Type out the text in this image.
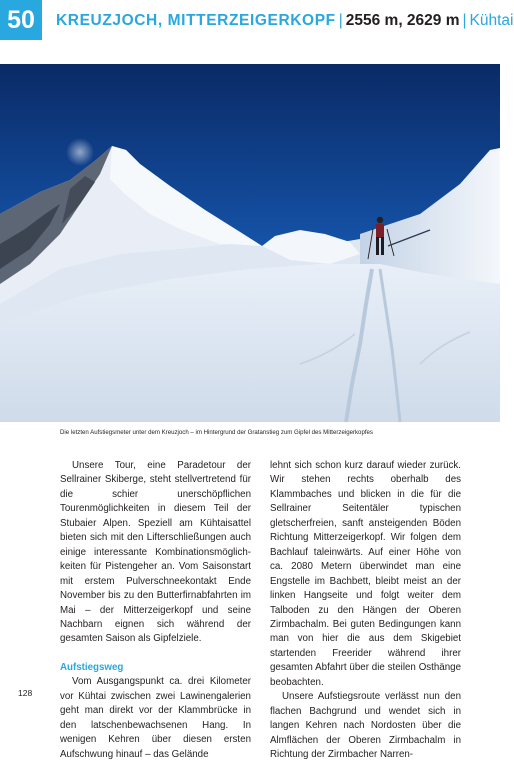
50	KREUZJOCH, MITTERZEIGERKOPF | 2556 m, 2629 m | Kühtai
Die letzten Aufstiegsmeter unter dem Kreuzjoch – im Hintergrund der Gratanstieg zum Gipfel des Mitterzeigerkopfes

Unsere Tour, eine Paradetour der Sellrainer Skiberge, steht stellvertretend für die schier unerschöpflichen Tourenmöglichkeiten in diesem Teil der Stubaier Alpen. Speziell am Kühtaisattel bieten sich mit den Lifterschließungen auch einige interessante Kombinationsmöglichkeiten für Pistengeher an. Vom Saisonstart mit erstem Pulverschneekontakt Ende November bis zu den Butterfirnabfahrten im Mai – der Mitterzeigerkopf und seine Nachbarn eignen sich während der gesamten Saison als Gipfelziele.

Aufstiegsweg

Vom Ausgangspunkt ca. drei Kilometer vor Kühtai zwischen zwei Lawinengalerien geht man direkt vor der Klammbrücke in den latschenbewachsenen Hang. In wenigen Kehren über diesen ersten Aufschwung hinauf – das Gelände

lehnt sich schon kurz darauf wieder zurück. Wir stehen rechts oberhalb des Klammbaches und blicken in die für die Sellrainer Seitentäler typischen gletscherfreien, sanft ansteigenden Böden Richtung Mitterzeigerkopf. Wir folgen dem Bachlauf taleinwärts. Auf einer Höhe von ca. 2080 Metern überwindet man eine Engstelle im Bachbett, bleibt meist an der linken Hangseite und folgt weiter dem Talboden zu den Hängen der Oberen Zirmbachalm. Bei guten Bedingungen kann man von hier die aus dem Skigebiet startenden Freerider während ihrer gesamten Abfahrt über die steilen Osthänge beobachten.

Unsere Aufstiegsroute verlässt nun den flachen Bachgrund und wendet sich in langen Kehren nach Nordosten über die Almflächen der Oberen Zirmbachalm in Richtung der Zirmbacher Narren-

128
